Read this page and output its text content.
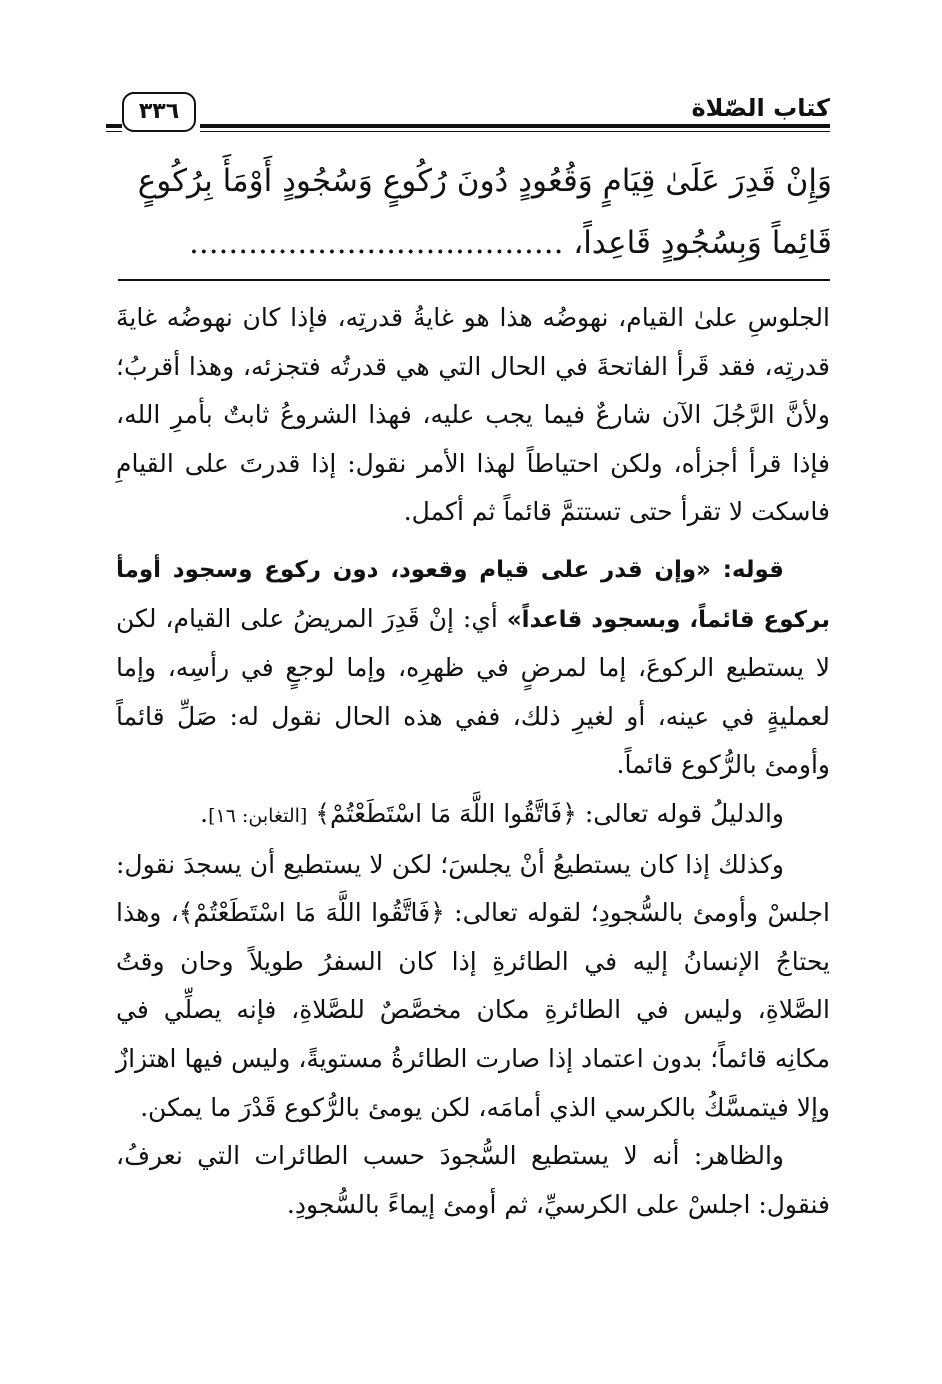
كتاب الصّلاة
٣٣٦
وَإِنْ قَدِرَ عَلَىٰ قِيَامٍ وَقُعُودٍ دُونَ رُكُوعٍ وَسُجُودٍ أَوْمَأَ بِرُكُوعٍ
قَائِماً وَبِسُجُودٍ قَاعِداً، ......................................

الجلوسِ علىٰ القيام، نهوضُه هذا هو غايةُ قدرتِه، فإذا كان نهوضُه غايةَ قدرتِه، فقد قَرأ الفاتحةَ في الحال التي هي قدرتُه فتجزئه، وهذا أقربُ؛ ولأنَّ الرَّجُلَ الآن شارعٌ فيما يجب عليه، فهذا الشروعُ ثابتٌ بأمرِ الله، فإذا قرأ أجزأه، ولكن احتياطاً لهذا الأمر نقول: إذا قدرتَ على القيامِ فاسكت لا تقرأ حتى تستتمَّ قائماً ثم أكمل.

قوله: «وإن قدر على قيام وقعود، دون ركوع وسجود أومأ بركوع قائماً، وبسجود قاعداً» أي: إنْ قَدِرَ المريضُ على القيام، لكن لا يستطيع الركوعَ، إما لمرضٍ في ظهرِه، وإما لوجعٍ في رأسِه، وإما لعمليةٍ في عينه، أو لغيرِ ذلك، ففي هذه الحال نقول له: صَلِّ قائماً وأومئ بالرُّكوع قائماً.

والدليلُ قوله تعالى: ﴿فَاتَّقُوا اللَّهَ مَا اسْتَطَعْتُمْ﴾ [التغابن: ١٦].

وكذلك إذا كان يستطيعُ أنْ يجلسَ؛ لكن لا يستطيع أن يسجدَ نقول: اجلسْ وأومئ بالسُّجودِ؛ لقوله تعالى: ﴿فَاتَّقُوا اللَّهَ مَا اسْتَطَعْتُمْ﴾، وهذا يحتاجُ الإنسانُ إليه في الطائرةِ إذا كان السفرُ طويلاً وحان وقتُ الصَّلاةِ، وليس في الطائرةِ مكان مخصَّصٌ للصَّلاةِ، فإنه يصلِّي في مكانِه قائماً؛ بدون اعتماد إذا صارت الطائرةُ مستويةً، وليس فيها اهتزازٌ وإلا فيتمسَّكُ بالكرسي الذي أمامَه، لكن يومئ بالرُّكوع قَدْرَ ما يمكن.

والظاهر: أنه لا يستطيع السُّجودَ حسب الطائرات التي نعرفُ، فنقول: اجلسْ على الكرسيِّ، ثم أومئ إيماءً بالسُّجودِ.
